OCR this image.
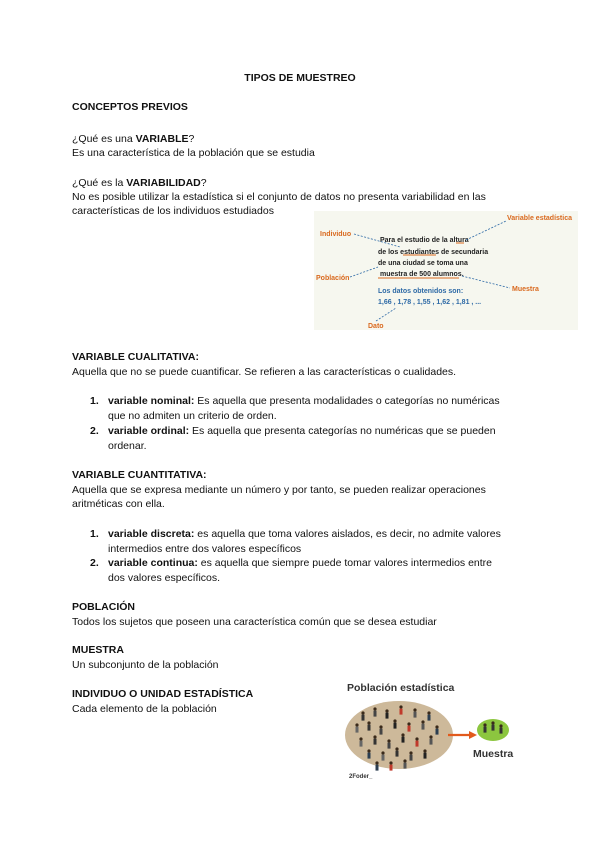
TIPOS DE MUESTREO
CONCEPTOS PREVIOS
¿Qué es una VARIABLE?
Es una característica de la población que se estudia
¿Qué es la VARIABILIDAD?
No es posible utilizar la estadística si el conjunto de datos no presenta variabilidad en las
características de los individuos estudiados
Variable estadística
Individuo
Población
Muestra
Dato
Para el estudio de la altura
de los estudiantes de secundaria
de una ciudad se toma una
muestra de 500 alumnos.
Los datos obtenidos son:
1,66 , 1,78 , 1,55 , 1,62 , 1,81 , ...
VARIABLE CUALITATIVA:
Aquella que no se puede cuantificar. Se refieren a las características o cualidades.
1. variable nominal: Es aquella que presenta modalidades o categorías no numéricas
que no admiten un criterio de orden.
2. variable ordinal: Es aquella que presenta categorías no numéricas que se pueden
ordenar.
VARIABLE CUANTITATIVA:
Aquella que se expresa mediante un número y por tanto, se pueden realizar operaciones
aritméticas con ella.
1. variable discreta: es aquella que toma valores aislados, es decir, no admite valores
intermedios entre dos valores específicos
2. variable continua: es aquella que siempre puede tomar valores intermedios entre
dos valores específicos.
POBLACIÓN
Todos los sujetos que poseen una característica común que se desea estudiar
MUESTRA
Un subconjunto de la población
INDIVIDUO O UNIDAD ESTADÍSTICA
Cada elemento de la población
Población estadística
Muestra
2Foder_
